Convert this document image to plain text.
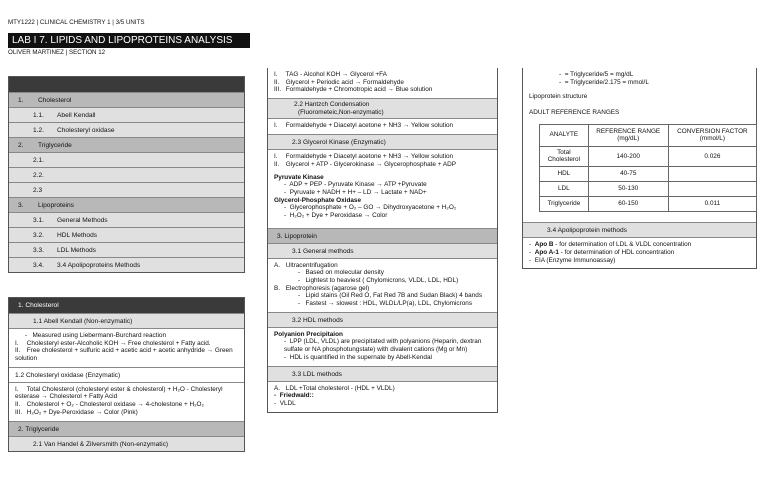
MTY1222 | CLINICAL CHEMISTRY 1 | 3/5 UNITS
LAB I 7. LIPIDS AND LIPOPROTEINS ANALYSIS
OLIVER MARTINEZ | SECTION 12
1. Cholesterol
1.1. Abell Kendall
1.2. Cholesteryl oxidase
2. Triglyceride
2.1.
2.2.
2.3
3. Lipoproteins
3.1. General Methods
3.2. HDL Methods
3.3. LDL Methods
3.4. 3.4 Apolipoproteins Methods
1. Cholesterol
1.1 Abell Kendall (Non-enzymatic)
- Measured using Liebermann-Burchard reaction
I. Cholesteryl ester-Alcoholic KOH → Free cholesterol + Fatty acid.
II. Free cholesterol + sulfuric acid + acetic acid + acetic anhydride → Green solution
1.2 Cholesteryl oxidase (Enzymatic)
I. Total Cholesterol (cholesteryl ester & cholesterol) + H₂O - Cholesteryl esterase → Cholesterol + Fatty Acid
II. Cholesterol + O₂ - Cholesterol oxidase → 4-cholestone + H₂O₂
III. H₂O₂ + Dye-Peroxidase → Color (Pink)
2. Triglyceride
2.1 Van Handel & Zilversmith (Non-enzymatic)
I. TAG - Alcohol KOH → Glycerol +FA
II. Glycerol + Periodic acid → Formaldehyde
III. Formaldehyde + Chromotropic acid → Blue solution
2.2 Hantzch Condensation
(Fluorometeic,Non-enzymatic)
I. Formaldehyde + Diacetyl acetone + NH3 → Yellow solution
2.3 Glycerol Kinase (Enzymatic)
I. Formaldehyde + Diacetyl acetone + NH3 → Yellow solution
II. Glycerol + ATP - Glycerokinase → Glycerophosphate + ADP
Pyruvate Kinase
- ADP + PEP - Pyruvate Kinase → ATP +Pyruvate
- Pyruvate + NADH + H+ – LD → Lactate + NAD+
Glycerol-Phosphate Oxidase
- Glycerophosphate + O₂ – GO → Dihydroxyacetone + H₂O₂
- H₂O₂ + Dye + Peroxidase → Color
3. Lipoprotein
3.1 General methods
A. Ultracentrifugation
- Based on molecular density
- Lightest to heaviest ( Chylomicrons, VLDL, LDL, HDL)
B. Electrophoresis (agarose gel)
- Lipid stains (Oil Red O, Fat Red 7B and Sudan Black) 4 bands
- Fastest → slowest : HDL, WLDL/LP(a), LDL, Chylomicrons
3.2 HDL methods
Polyanion Precipitaion
- LPP (LDL, VLDL) are precipitated with polyanions (Heparin, dextran sulfate or NA phosphotungstate) with divalent cations (Mg or Mn)
- HDL is quantified in the supernate by Abell-Kendal
3.3 LDL methods
A. LDL +Total cholesterol - (HDL + VLDL)
- Friedwald::
- VLDL
- = Triglyceride/5 = mg/dL
- = Triglyceride/2.175 = mmol/L
Lipoprotein structure
ADULT REFERENCE RANGES
ANALYTE	REFERENCE RANGE (mg/dL)	CONVERSION FACTOR (mmol/L)
Total Cholesterol	140-200	0.026
HDL	40-75	
LDL	50-130	
Triglyceride	60-150	0.011
3.4 Apolipoprotein methods
- Apo B - for determination of LDL & VLDL concentration
- Apo A-1 - for determination of HDL concentration
- EIA (Enzyme Immunoassay)
